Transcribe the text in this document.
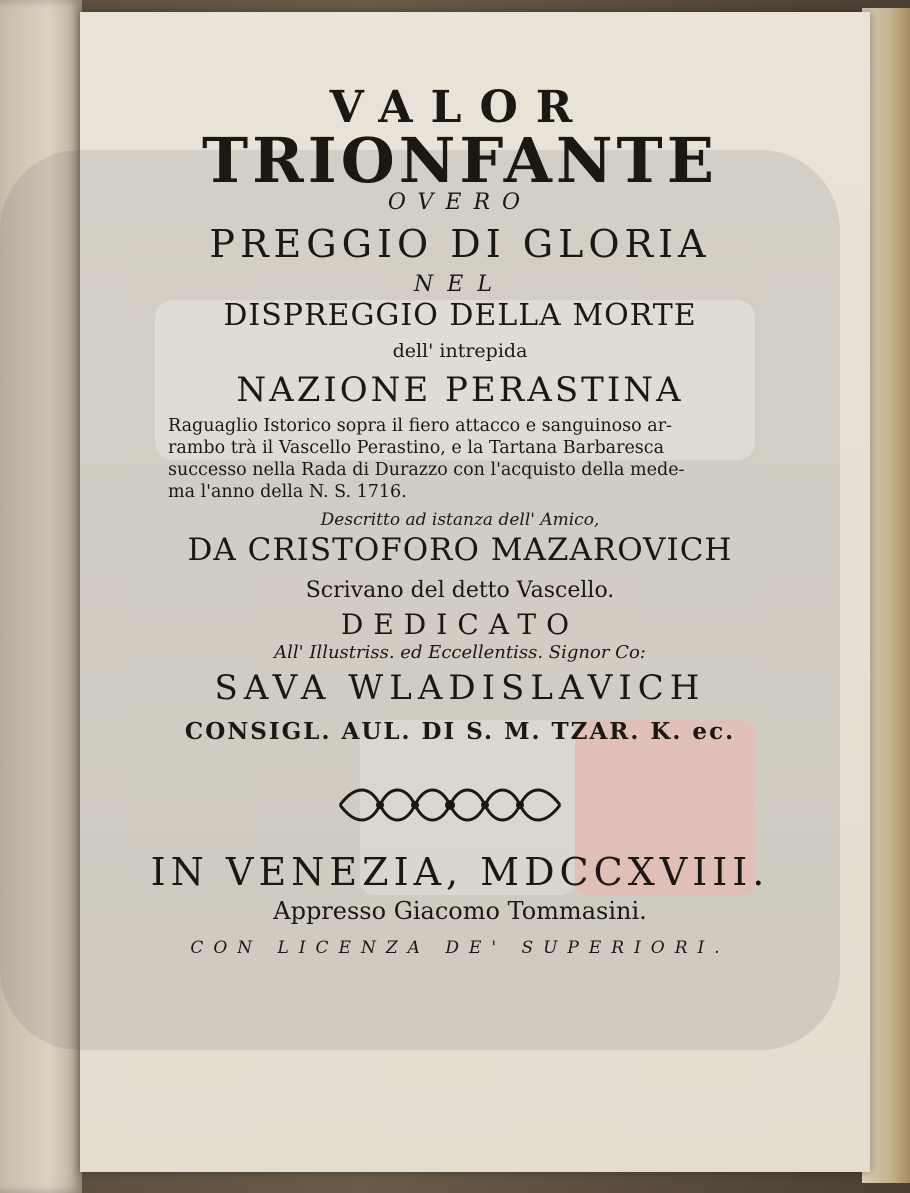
VALOR
TRIONFANTE
OVERO
PREGGIO DI GLORIA
NEL
DISPREGGIO DELLA MORTE
dell' intrepida
NAZIONE PERASTINA
Raguaglio Istorico sopra il fiero attacco e sanguinoso ar-
rambo trà il Vascello Perastino, e la Tartana Barbaresca
successo nella Rada di Durazzo con l'acquisto della mede-
ma l'anno della N. S. 1716.
Descritto ad istanza dell' Amico,
DA CRISTOFORO MAZAROVICH
Scrivano del detto Vascello.
DEDICATO
All' Illustriss. ed Eccellentiss. Signor Co:
SAVA WLADISLAVICH
CONSIGL. AUL. DI S. M. TZAR. K. ec.
IN VENEZIA, MDCCXVIII.
Appresso Giacomo Tommasini.
CON LICENZA DE' SUPERIORI.
